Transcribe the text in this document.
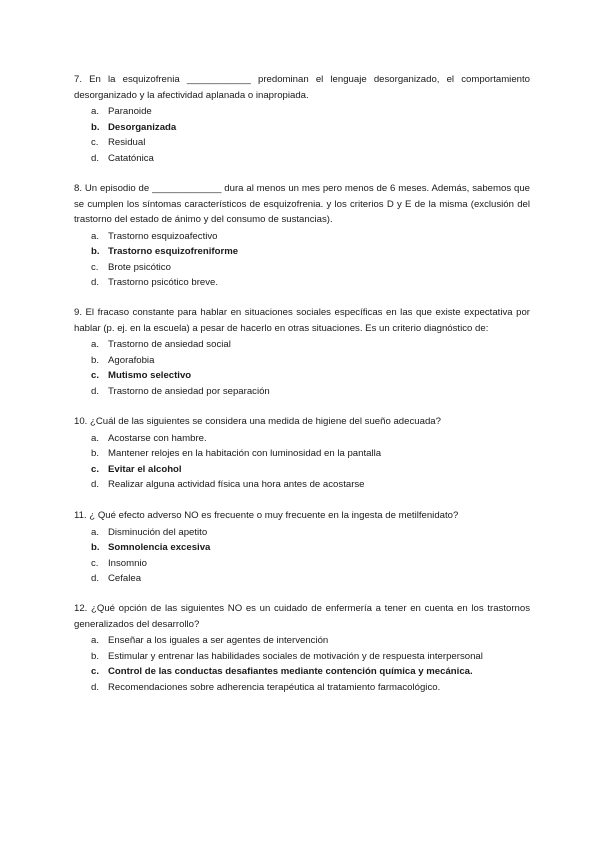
7. En la esquizofrenia ____________ predominan el lenguaje desorganizado, el comportamiento desorganizado y la afectividad aplanada o inapropiada.

a. Paranoide
b. Desorganizada
c. Residual
d. Catatónica

8. Un episodio de _____________ dura al menos un mes pero menos de 6 meses. Además, sabemos que se cumplen los síntomas característicos de esquizofrenia. y los criterios D y E de la misma (exclusión del trastorno del estado de ánimo y del consumo de sustancias).

a. Trastorno esquizoafectivo
b. Trastorno esquizofreniforme
c. Brote psicótico
d. Trastorno psicótico breve.

9. El fracaso constante para hablar en situaciones sociales específicas en las que existe expectativa por hablar (p. ej. en la escuela) a pesar de hacerlo en otras situaciones. Es un criterio diagnóstico de:

a. Trastorno de ansiedad social
b. Agorafobia
c. Mutismo selectivo
d. Trastorno de ansiedad por separación

10. ¿Cuál de las siguientes se considera una medida de higiene del sueño adecuada?

a. Acostarse con hambre.
b. Mantener relojes en la habitación con luminosidad en la pantalla
c. Evitar el alcohol
d. Realizar alguna actividad física una hora antes de acostarse

11. ¿ Qué efecto adverso NO es frecuente o muy frecuente en la ingesta de metilfenidato?

a. Disminución del apetito
b. Somnolencia excesiva
c. Insomnio
d. Cefalea

12. ¿Qué opción de las siguientes NO es un cuidado de enfermería a tener en cuenta en los trastornos generalizados del desarrollo?

a. Enseñar a los iguales a ser agentes de intervención
b. Estimular y entrenar las habilidades sociales de motivación y de respuesta interpersonal
c. Control de las conductas desafiantes mediante contención química y mecánica.
d. Recomendaciones sobre adherencia terapéutica al tratamiento farmacológico.
